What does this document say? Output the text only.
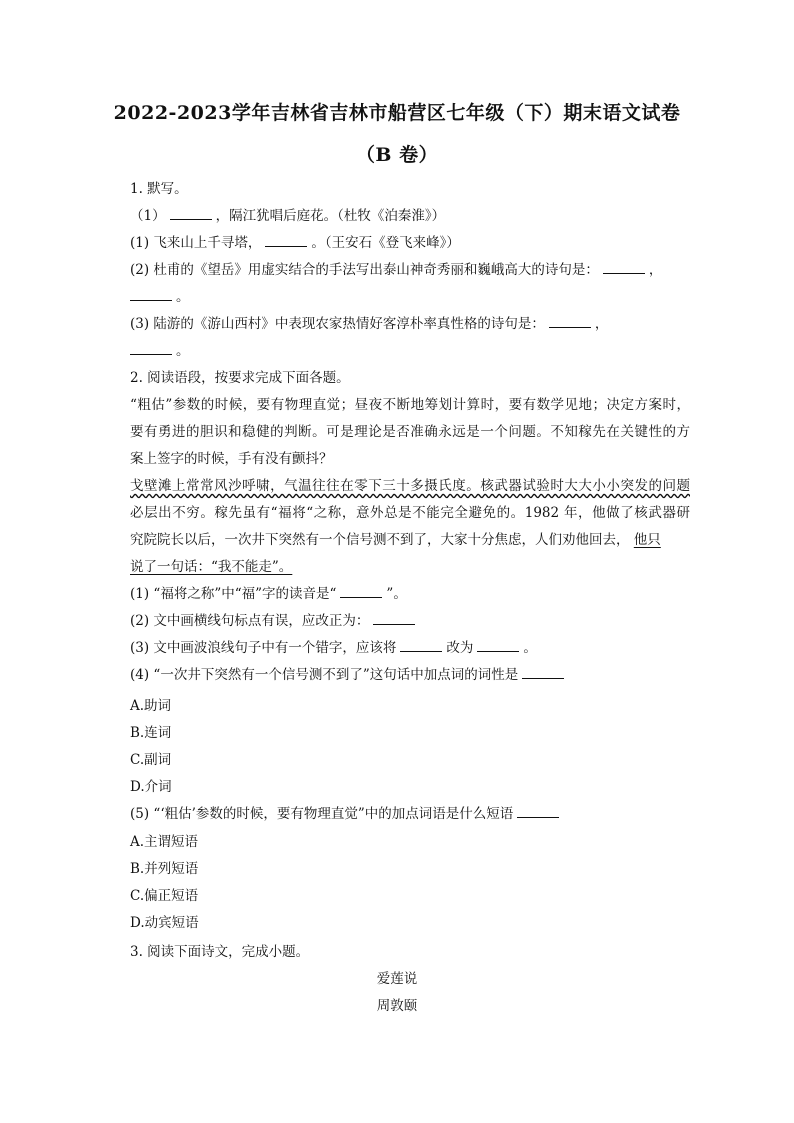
2022-2023学年吉林省吉林市船营区七年级（下）期末语文试卷
（B 卷）
1. 默写。
（1）	，隔江犹唱后庭花。（杜牧《泊秦淮》）
(1) 飞来山上千寻塔，	。（王安石《登飞来峰》）
(2) 杜甫的《望岳》用虚实结合的手法写出泰山神奇秀丽和巍峨高大的诗句是：	，
。
(3) 陆游的《游山西村》中表现农家热情好客淳朴率真性格的诗句是：	，
。
2. 阅读语段，按要求完成下面各题。
“粗估”参数的时候，要有物理直觉；昼夜不断地筹划计算时，要有数学见地；决定方案时，
要有勇进的胆识和稳健的判断。可是理论是否准确永远是一个问题。不知稼先在关键性的方
案上签字的时候，手有没有颤抖？
戈壁滩上常常风沙呼啸，气温往往在零下三十多摄氏度。核武器试验时大大小小突发的问题
必层出不穷。稼先虽有“福将“之称，意外总是不能完全避免的。1982 年，他做了核武器研
究院院长以后，一次井下突然有一个信号测不到了，大家十分焦虑，人们劝他回去， 他只
说了一句话：“我不能走”。
(1) “福将之称”中“福”字的读音是“	”。
(2) 文中画横线句标点有误，应改正为：
(3) 文中画波浪线句子中有一个错字，应该将	改为	。
(4) “一次井下突然有一个信号测不到了”这句话中加点词的词性是
A.助词
B.连词
C.副词
D.介词
(5) “‘粗估’参数的时候，要有物理直觉”中的加点词语是什么短语
A.主谓短语
B.并列短语
C.偏正短语
D.动宾短语
3. 阅读下面诗文，完成小题。
爱莲说
周敦颐
